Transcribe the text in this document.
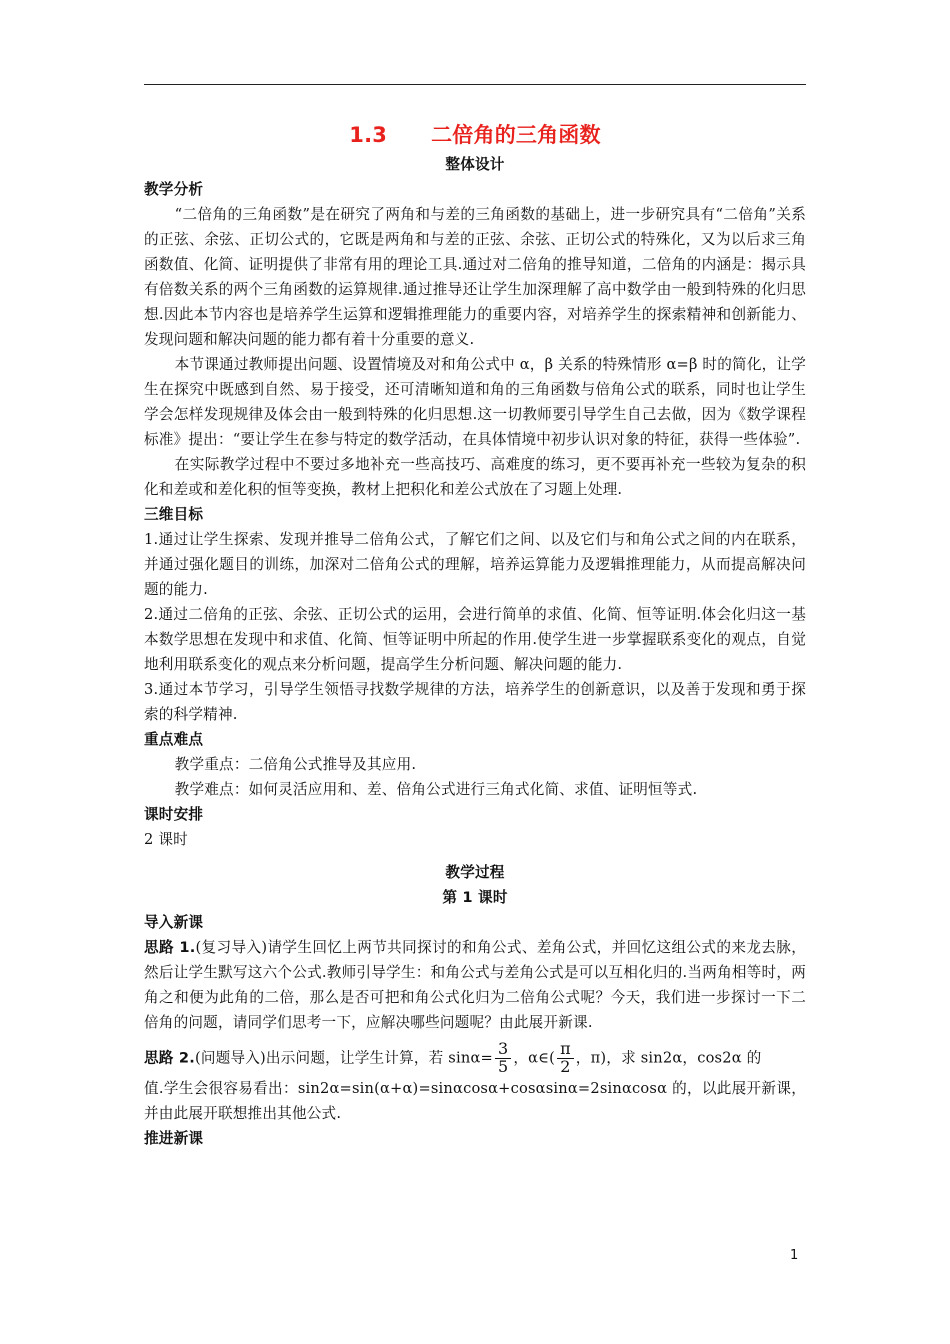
1.3 二倍角的三角函数

整体设计

教学分析

“二倍角的三角函数”是在研究了两角和与差的三角函数的基础上，进一步研究具有“二倍角”关系的正弦、余弦、正切公式的，它既是两角和与差的正弦、余弦、正切公式的特殊化，又为以后求三角函数值、化简、证明提供了非常有用的理论工具.通过对二倍角的推导知道，二倍角的内涵是：揭示具有倍数关系的两个三角函数的运算规律.通过推导还让学生加深理解了高中数学由一般到特殊的化归思想.因此本节内容也是培养学生运算和逻辑推理能力的重要内容，对培养学生的探索精神和创新能力、发现问题和解决问题的能力都有着十分重要的意义.

本节课通过教师提出问题、设置情境及对和角公式中 α，β 关系的特殊情形 α=β 时的简化，让学生在探究中既感到自然、易于接受，还可清晰知道和角的三角函数与倍角公式的联系，同时也让学生学会怎样发现规律及体会由一般到特殊的化归思想.这一切教师要引导学生自己去做，因为《数学课程标准》提出：“要让学生在参与特定的数学活动，在具体情境中初步认识对象的特征，获得一些体验”.

在实际教学过程中不要过多地补充一些高技巧、高难度的练习，更不要再补充一些较为复杂的积化和差或和差化积的恒等变换，教材上把积化和差公式放在了习题上处理.

三维目标

1.通过让学生探索、发现并推导二倍角公式，了解它们之间、以及它们与和角公式之间的内在联系，并通过强化题目的训练，加深对二倍角公式的理解，培养运算能力及逻辑推理能力，从而提高解决问题的能力.

2.通过二倍角的正弦、余弦、正切公式的运用，会进行简单的求值、化简、恒等证明.体会化归这一基本数学思想在发现中和求值、化简、恒等证明中所起的作用.使学生进一步掌握联系变化的观点，自觉地利用联系变化的观点来分析问题，提高学生分析问题、解决问题的能力.

3.通过本节学习，引导学生领悟寻找数学规律的方法，培养学生的创新意识，以及善于发现和勇于探索的科学精神.

重点难点

教学重点：二倍角公式推导及其应用.

教学难点：如何灵活应用和、差、倍角公式进行三角式化简、求值、证明恒等式.

课时安排

2 课时

教学过程

第 1 课时

导入新课

思路 1.(复习导入)请学生回忆上两节共同探讨的和角公式、差角公式，并回忆这组公式的来龙去脉，然后让学生默写这六个公式.教师引导学生：和角公式与差角公式是可以互相化归的.当两角相等时，两角之和便为此角的二倍，那么是否可把和角公式化归为二倍角公式呢？今天，我们进一步探讨一下二倍角的问题，请同学们思考一下，应解决哪些问题呢？由此展开新课.

思路 2.(问题导入)出示问题，让学生计算，若 $\sin\alpha= \frac{3}{5}$ ，α∈( $\frac{\pi}{2}$ ，π)，求 sin2α，cos2α 的

值.学生会很容易看出：sin2α=sin(α+α)=sinαcosα+cosαsinα=2sinαcosα 的，以此展开新课，并由此展开联想推出其他公式.

推进新课

1
